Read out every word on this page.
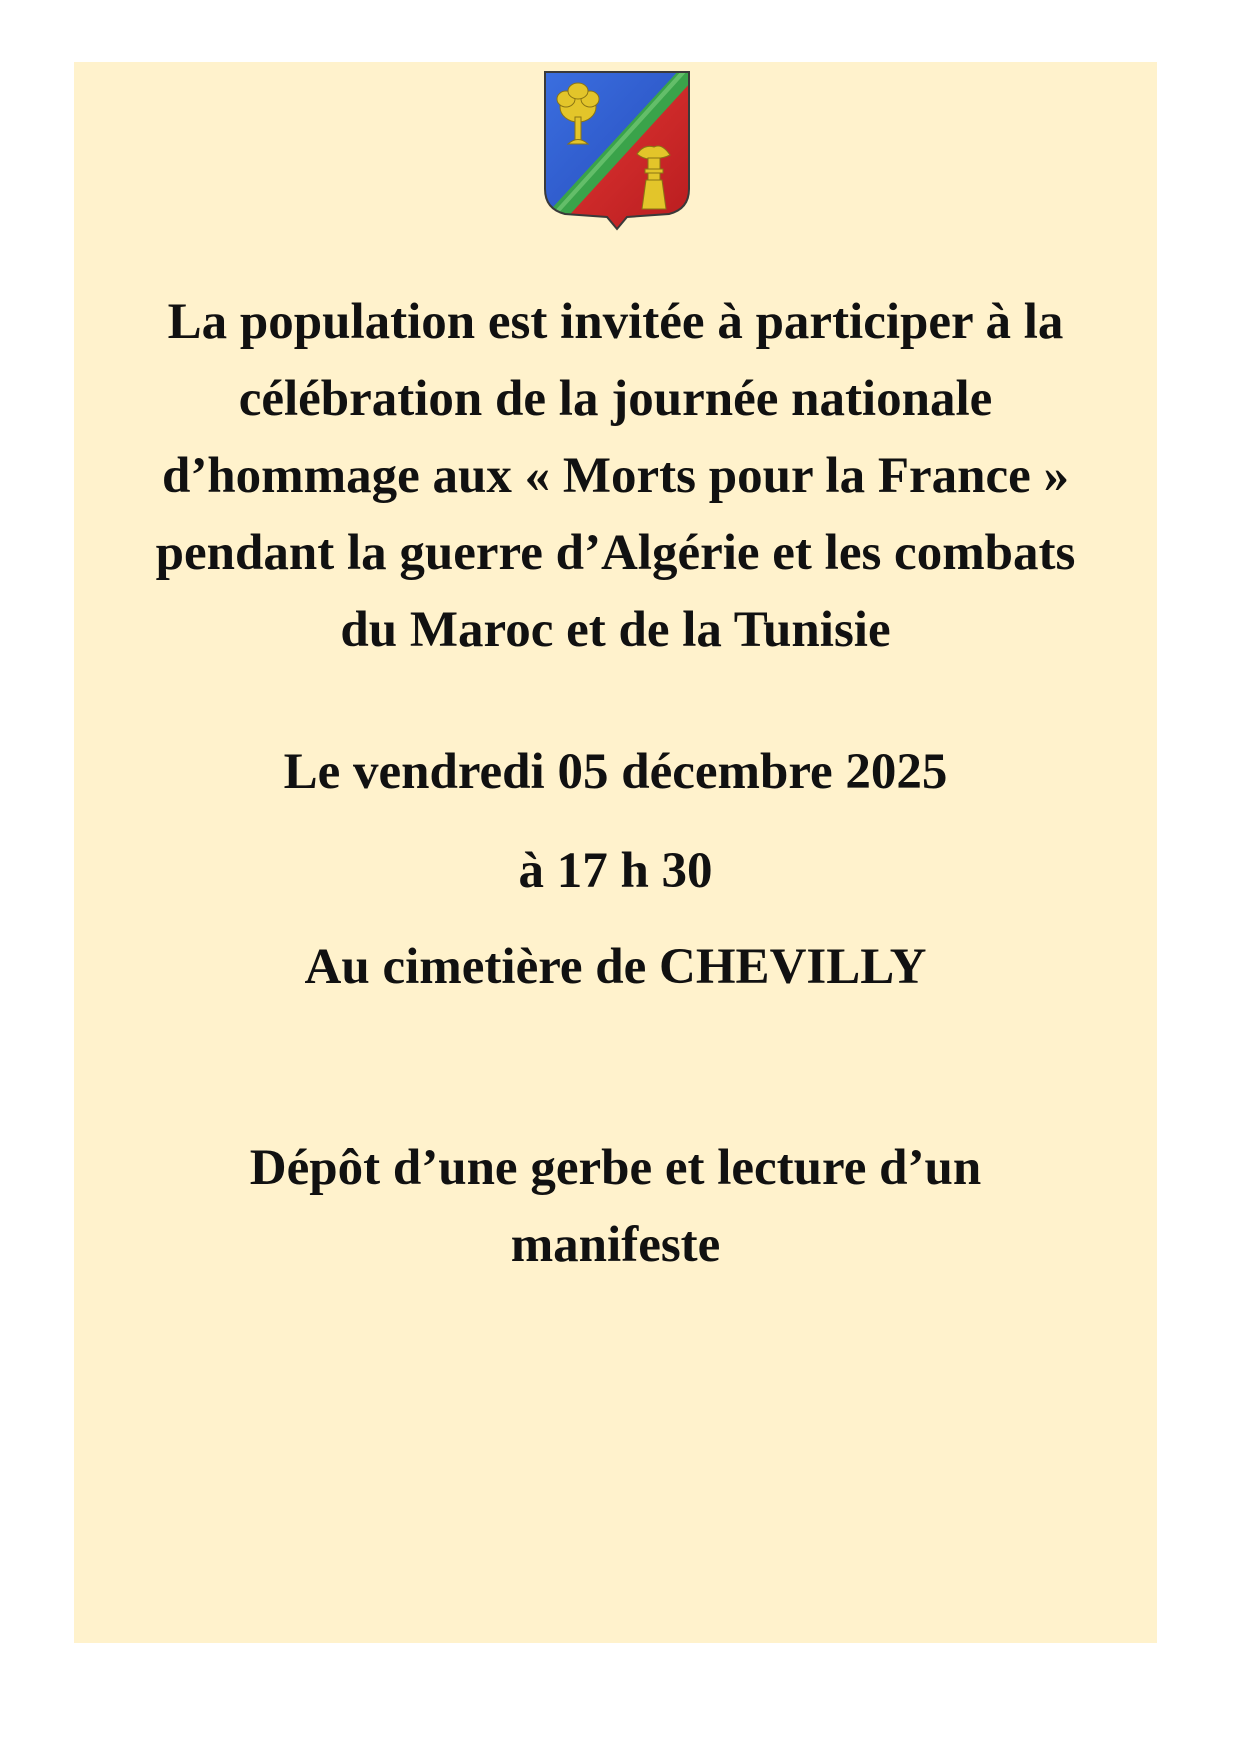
La population est invitée à participer à la
célébration de la journée nationale
d’hommage aux « Morts pour la France »
pendant la guerre d’Algérie et les combats
du Maroc et de la Tunisie
Le vendredi 05 décembre 2025
à 17 h 30
Au cimetière de CHEVILLY
Dépôt d’une gerbe et lecture d’un
manifeste
